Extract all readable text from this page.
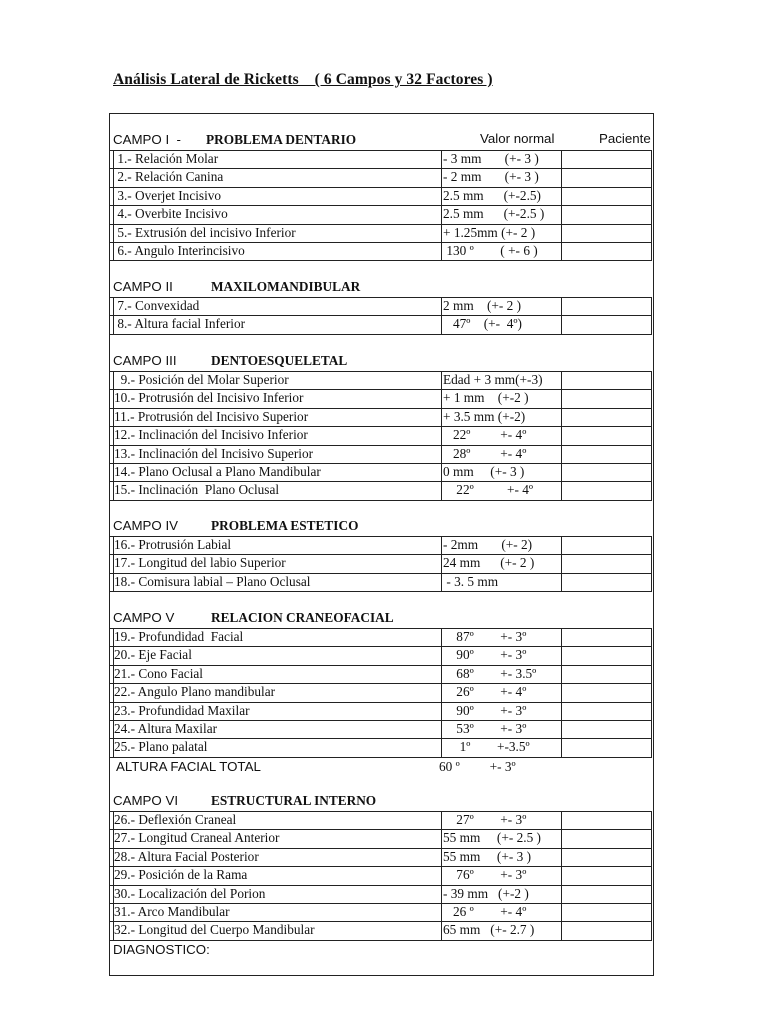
Análisis Lateral de Ricketts    ( 6 Campos y 32 Factores )
CAMPO I  - PROBLEMA DENTARIO	Valor normal	Paciente
1.- Relación Molar	- 3 mm       (+- 3 )
2.- Relación Canina	- 2 mm       (+- 3 )
3.- Overjet Incisivo	2.5 mm      (+-2.5)
4.- Overbite Incisivo	2.5 mm      (+-2.5 )
5.- Extrusión del incisivo Inferior	+ 1.25mm (+- 2 )
6.- Angulo Interincisivo	130 º        ( +- 6 )
CAMPO II	MAXILOMANDIBULAR
7.- Convexidad	2 mm    (+- 2 )
8.- Altura facial Inferior	47º    (+-  4º)
CAMPO III	DENTOESQUELETAL
9.- Posición del Molar Superior	Edad + 3 mm(+-3)
10.- Protrusión del Incisivo Inferior	+ 1 mm    (+-2 )
11.- Protrusión del Incisivo Superior	+ 3.5 mm (+-2)
12.- Inclinación del Incisivo Inferior	22º         +- 4º
13.- Inclinación del Incisivo Superior	28º         +- 4º
14.- Plano Oclusal a Plano Mandibular	0 mm     (+- 3 )
15.- Inclinación  Plano Oclusal	22º          +- 4º
CAMPO IV PROBLEMA ESTETICO
16.- Protrusión Labial	- 2mm       (+- 2)
17.- Longitud del labio Superior	24 mm      (+- 2 )
18.- Comisura labial – Plano Oclusal	- 3. 5 mm
CAMPO V	RELACION CRANEOFACIAL
19.- Profundidad  Facial	87º        +- 3º
20.- Eje Facial	90º        +- 3º
21.- Cono Facial	68º        +- 3.5º
22.- Angulo Plano mandibular	26º        +- 4º
23.- Profundidad Maxilar	90º        +- 3º
24.- Altura Maxilar	53º        +- 3º
25.- Plano palatal	1º        +-3.5º
ALTURA FACIAL TOTAL	60 º         +- 3º
CAMPO VI ESTRUCTURAL INTERNO
26.- Deflexión Craneal	27º        +- 3º
27.- Longitud Craneal Anterior	55 mm     (+- 2.5 )
28.- Altura Facial Posterior	55 mm     (+- 3 )
29.- Posición de la Rama	76º        +- 3º
30.- Localización del Porion	- 39 mm   (+-2 )
31.- Arco Mandibular	26 º        +- 4º
32.- Longitud del Cuerpo Mandibular	65 mm   (+- 2.7 )
DIAGNOSTICO:
